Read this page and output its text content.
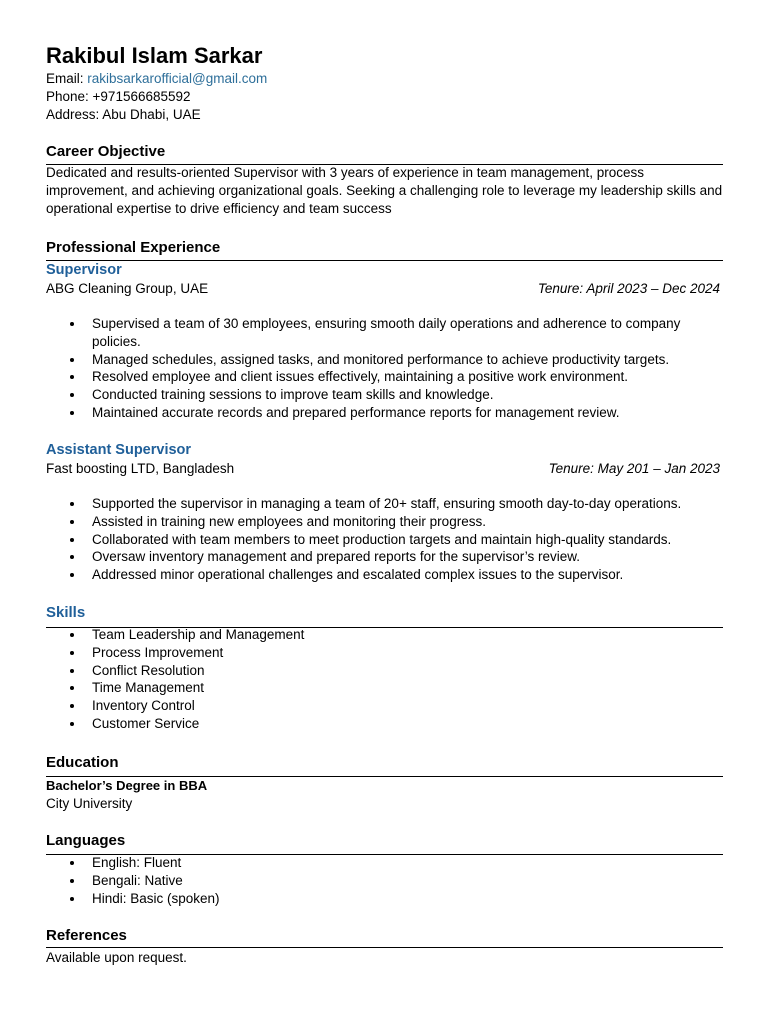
Rakibul Islam Sarkar
Email: rakibsarkarofficial@gmail.com
Phone: +971566685592
Address: Abu Dhabi, UAE
Career Objective
Dedicated and results-oriented Supervisor with 3 years of experience in team management, process improvement, and achieving organizational goals. Seeking a challenging role to leverage my leadership skills and operational expertise to drive efficiency and team success
Professional Experience
Supervisor
ABG Cleaning Group, UAE	Tenure: April 2023 – Dec 2024
Supervised a team of 30 employees, ensuring smooth daily operations and adherence to company policies.
Managed schedules, assigned tasks, and monitored performance to achieve productivity targets.
Resolved employee and client issues effectively, maintaining a positive work environment.
Conducted training sessions to improve team skills and knowledge.
Maintained accurate records and prepared performance reports for management review.
Assistant Supervisor
Fast boosting LTD, Bangladesh	Tenure: May 201 – Jan 2023
Supported the supervisor in managing a team of 20+ staff, ensuring smooth day-to-day operations.
Assisted in training new employees and monitoring their progress.
Collaborated with team members to meet production targets and maintain high-quality standards.
Oversaw inventory management and prepared reports for the supervisor’s review.
Addressed minor operational challenges and escalated complex issues to the supervisor.
Skills
Team Leadership and Management
Process Improvement
Conflict Resolution
Time Management
Inventory Control
Customer Service
Education
Bachelor’s Degree in BBA
City University
Languages
English: Fluent
Bengali: Native
Hindi: Basic (spoken)
References
Available upon request.
